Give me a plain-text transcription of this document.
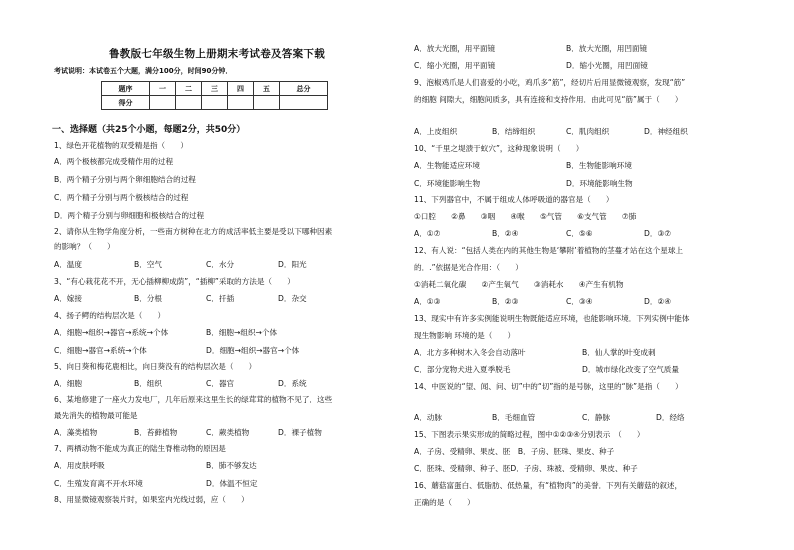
鲁教版七年级生物上册期末考试卷及答案下载
考试说明：本试卷五个大题，满分100分，时间90分钟．
题序	一	二	三	四	五	总分
得分						
一、选择题（共25个小题，每题2分，共50分）
1、绿色开花植物的双受精是指（　　）
A．两个极核都完成受精作用的过程
B．两个精子分别与两个卵细胞结合的过程
C．两个精子分别与两个极核结合的过程
D．两个精子分别与卵细胞和极核结合的过程
2、请你从生物学角度分析，一些南方树种在北方的成活率低主要是受以下哪种因素
的影响？（　　）
A．温度	B．空气	C．水分	D．阳光
3、“有心栽花花不开，无心插柳柳成荫”，“插柳”采取的方法是（　　）
A．嫁接	B．分根	C．扦插	D．杂交
4、扬子鳄的结构层次是（　　）
A．细胞→组织→器官→系统→个体	B．细胞→组织→个体
C．细胞→器官→系统→个体	D．细胞→组织→器官→个体
5、向日葵和梅花鹿相比，向日葵没有的结构层次是（　　）
A．细胞	B．组织	C．器官	D．系统
6、某地修建了一座火力发电厂，几年后原来这里生长的绿茸茸的植物不见了．这些
最先消失的植物最可能是
A．藻类植物	B．苔藓植物	C．蕨类植物	D．裸子植物
7、两栖动物不能成为真正的陆生脊椎动物的原因是
A．用皮肤呼吸	B．肺不够发达
C．生殖发育离不开水环境	D．体温不恒定
8、用显微镜观察装片时，如果室内光线过弱，应（　　）
A．放大光圈，用平面镜	B．放大光圈，用凹面镜
C．缩小光圈，用平面镜	D．缩小光圈，用凹面镜
9、泡椒鸡爪是人们喜爱的小吃，鸡爪多“筋”，经切片后用显微镜观察，发现“筋”
的细胞 间隙大，细胞间质多，具有连接和支持作用．由此可见“筋”属于（　　）
A．上皮组织	B．结缔组织	C．肌肉组织	D．神经组织
10、“千里之堤溃于蚁穴”，这种现象说明（　　）
A．生物能适应环境	B．生物能影响环境
C．环境能影响生物	D．环境能影响生物
11、下列器官中，不属于组成人体呼吸道的器官是（　　）
①口腔　　②鼻　　③咽　　④喉　　⑤气管　　⑥支气管　　⑦肺
A．①⑦	B．②④	C．⑤⑥	D．③⑦
12、有人说：“包括人类在内的其他生物是‘攀附’着植物的茎蔓才站在这个星球上
的．.”依据是光合作用：（　　）
①消耗二氧化碳　　②产生氧气　　③消耗水　　④产生有机物
A．①③	B．②③	C．③④	D．②④
13、现实中有许多实例能说明生物既能适应环境，也能影响环境．下列实例中能体
现生物影响 环境的是（　　）
A．北方多种树木入冬会自动落叶	B．仙人掌的叶变成刺
C．部分宠物犬进入夏季脱毛	D．城市绿化改变了空气质量
14、中医说的“望、闻、问、切”中的“切”指的是号脉，这里的“脉”是指（　　）
A．动脉	B．毛细血管	C．静脉	D．经络
15、下图表示果实形成的简略过程，图中①②③④分别表示　（　　）
A．子房、受精卵、果皮、胚　B．子房、胚珠、果皮、种子
C．胚珠、受精卵、种子、胚D．子房、珠被、受精卵、果皮、种子
16、蘑菇富蛋白、低脂肪、低热量，有“植物肉”的美誉．下列有关蘑菇的叙述，
正确的是（　　）
